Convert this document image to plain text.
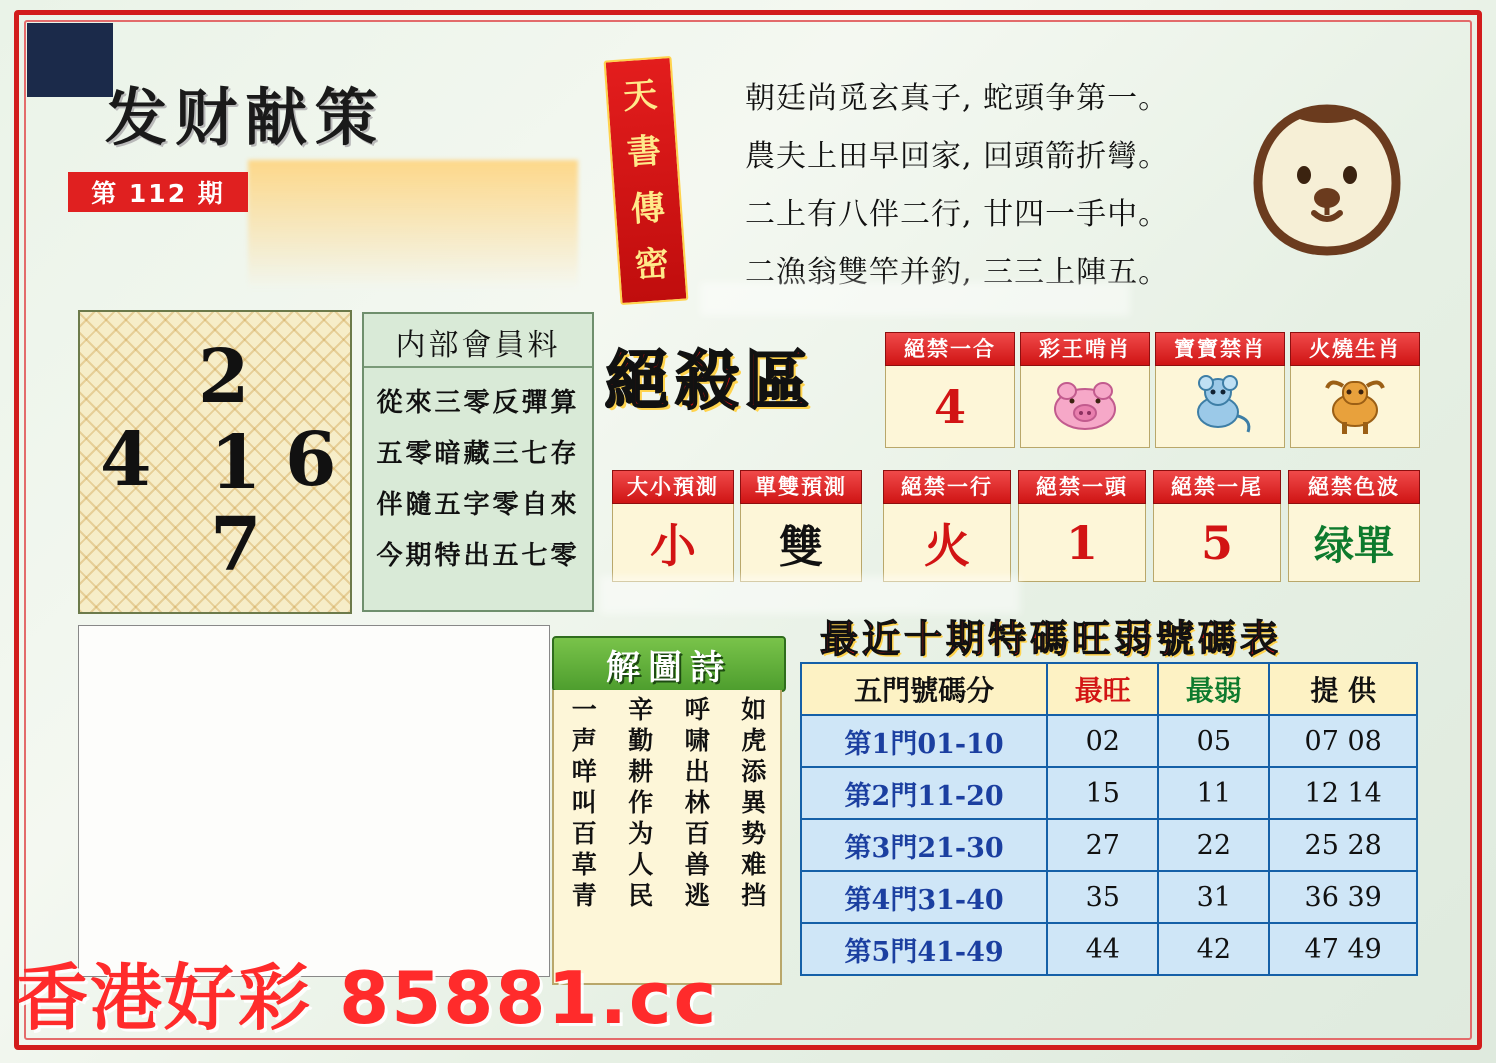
发财献策
第 112 期
天
書
傳
密
朝廷尚觅玄真子, 蛇頭争第一。
農夫上田早回家, 回頭箭折彎。
二上有八伴二行, 廿四一手中。
二漁翁雙竿并釣, 三三上陣五。
2
4 1 6
7
内部會員料
從來三零反彈算
五零暗藏三七存
伴隨五字零自來
今期特出五七零
絕殺區	絕禁一合
4
彩王啃肖	寶寶禁肖	火燒生肖
大小預測
小
單雙預測
雙
絕禁一行
火
絕禁一頭
1
絕禁一尾
5
絕禁色波
绿單
解圖詩
如虎添異势难挡
呼啸出林百兽逃
辛勤耕作为人民
一声咩叫百草青
最近十期特碼旺弱號碼表
五門號碼分	最旺	最弱	提 供
第1門01-10	02	05	07 08
第2門11-20	15	11	12 14
第3門21-30	27	22	25 28
第4門31-40	35	31	36 39
第5門41-49	44	42	47 49
香港好彩 85881.cc
